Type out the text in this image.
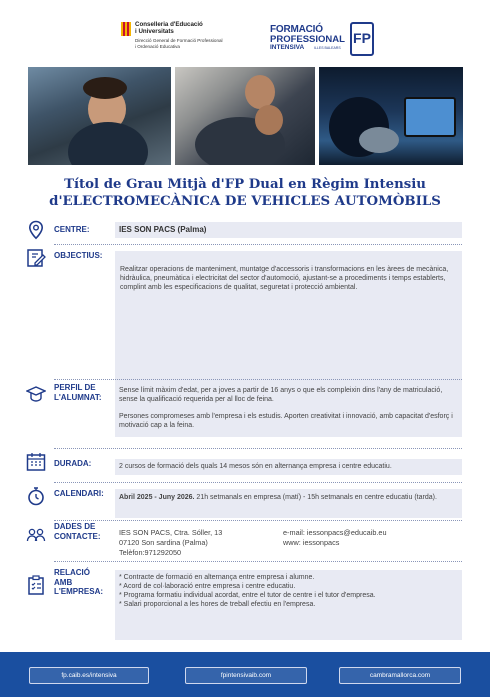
Conselleria d'Educació
i Universitats
Direcció General de Formació Professional
i Ordenació Educativa
FORMACIÓ
PROFESSIONAL
INTENSIVA	ILLES BALEARS
FP
Títol de Grau Mitjà d'FP Dual en Règim Intensiu
d'ELECTROMECÀNICA DE VEHICLES AUTOMÒBILS
CENTRE:	IES SON PACS (Palma)
OBJECTIUS:
Realitzar operacions de manteniment, muntatge d'accessoris i transformacions en les àrees de mecànica, hidràulica, pneumàtica i electricitat del sector d'automoció, ajustant-se a procediments i temps establerts, complint amb les especificacions de qualitat, seguretat i protecció ambiental.
PERFIL DE
L'ALUMNAT:
Sense límit màxim d'edat, per a joves a partir de 16 anys o que els compleixin dins l'any de matriculació, sense la qualificació requerida per al lloc de feina.
Persones compromeses amb l'empresa i els estudis. Aporten creativitat i innovació, amb capacitat d'esforç i motivació cap a la feina.
DURADA:	2 cursos de formació dels quals 14 mesos són en alternança empresa i centre educatiu.
CALENDARI:	Abril 2025 - Juny 2026. 21h setmanals en empresa (matí) - 15h setmanals en centre educatiu (tarda).
DADES DE
CONTACTE:	IES SON PACS, Ctra. Sóller, 13
07120 Son sardina (Palma)
Telèfon:971292050
e-mail: iessonpacs@educaib.eu
www: iessonpacs
RELACIÓ
AMB
L'EMPRESA:
* Contracte de formació en alternança entre empresa i alumne.
* Acord de col·laboració entre empresa i centre educatiu.
* Programa formatiu individual acordat, entre el tutor de centre i el tutor d'empresa.
* Salari proporcional a les hores de treball efectiu en l'empresa.
fp.caib.es/intensiva	fpintensivaib.com	cambramallorca.com
